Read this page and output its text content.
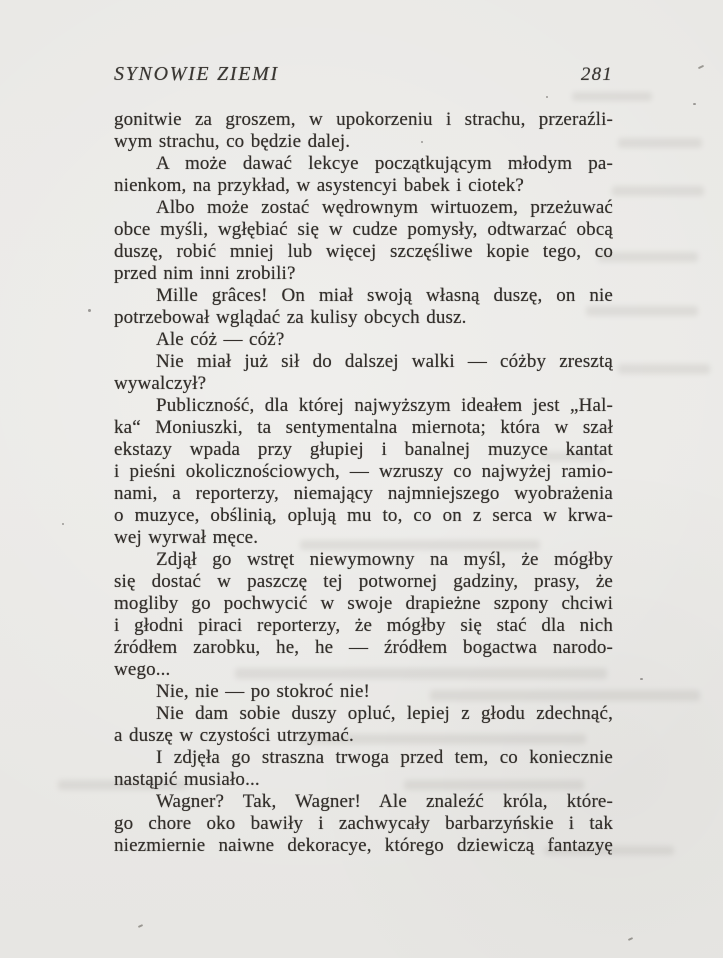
SYNOWIE ZIEMI	281
gonitwie za groszem, w upokorzeniu i strachu, przeraźli-
wym strachu, co będzie dalej.
A może dawać lekcye początkującym młodym pa-
nienkom, na przykład, w asystencyi babek i ciotek?
Albo może zostać wędrownym wirtuozem, przeżuwać
obce myśli, wgłębiać się w cudze pomysły, odtwarzać obcą
duszę, robić mniej lub więcej szczęśliwe kopie tego, co
przed nim inni zrobili?
Mille grâces! On miał swoją własną duszę, on nie
potrzebował wglądać za kulisy obcych dusz.
Ale cóż — cóż?
Nie miał już sił do dalszej walki — cóżby zresztą
wywalczył?
Publiczność, dla której najwyższym ideałem jest „Hal-
ka“ Moniuszki, ta sentymentalna miernota; która w szał
ekstazy wpada przy głupiej i banalnej muzyce kantat
i pieśni okolicznościowych, — wzruszy co najwyżej ramio-
nami, a reporterzy, niemający najmniejszego wyobrażenia
o muzyce, obślinią, oplują mu to, co on z serca w krwa-
wej wyrwał męce.
Zdjął go wstręt niewymowny na myśl, że mógłby
się dostać w paszczę tej potwornej gadziny, prasy, że
mogliby go pochwycić w swoje drapieżne szpony chciwi
i głodni piraci reporterzy, że mógłby się stać dla nich
źródłem zarobku, he, he — źródłem bogactwa narodo-
wego...
Nie, nie — po stokroć nie!
Nie dam sobie duszy opluć, lepiej z głodu zdechnąć,
a duszę w czystości utrzymać.
I zdjęła go straszna trwoga przed tem, co koniecznie
nastąpić musiało...
Wagner? Tak, Wagner! Ale znaleźć króla, które-
go chore oko bawiły i zachwycały barbarzyńskie i tak
niezmiernie naiwne dekoracye, którego dziewiczą fantazyę
